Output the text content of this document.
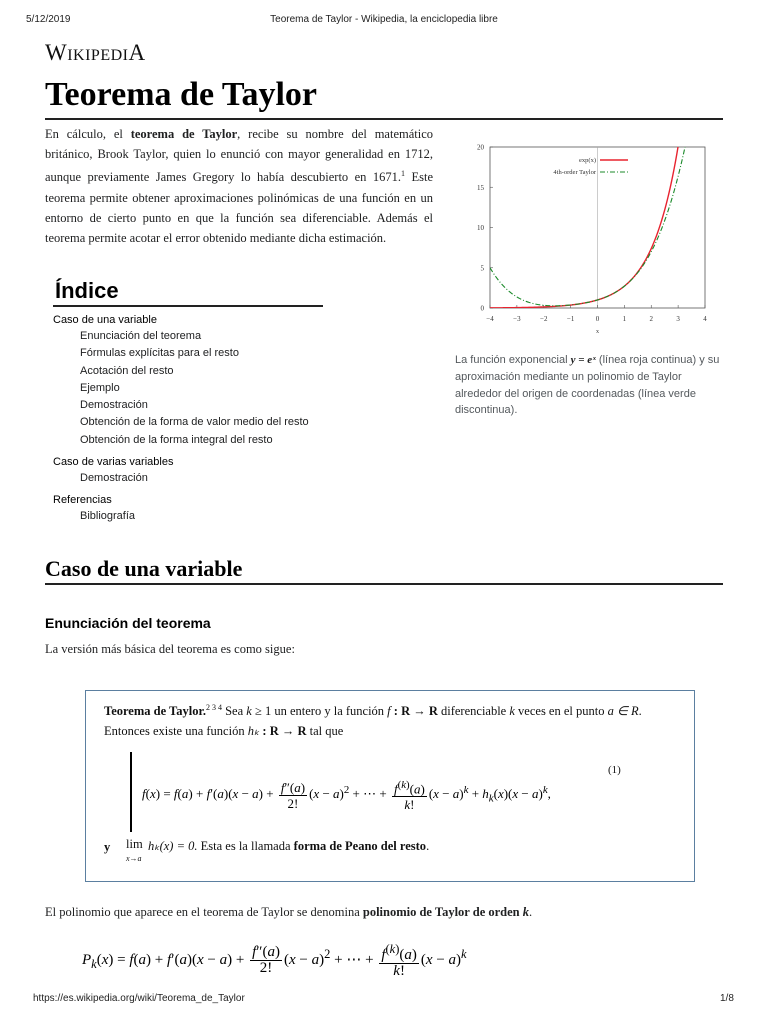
5/12/2019	Teorema de Taylor - Wikipedia, la enciclopedia libre
WikipediA
Teorema de Taylor
En cálculo, el teorema de Taylor, recibe su nombre del matemático británico, Brook Taylor, quien lo enunció con mayor generalidad en 1712, aunque previamente James Gregory lo había descubierto en 1671.$^1$ Este teorema permite obtener aproximaciones polinómicas de una función en un entorno de cierto punto en que la función sea diferenciable. Además el teorema permite acotar el error obtenido mediante dicha estimación.
−4	−3	−2	−1	0	1	2	3	4
0
5
10
15
20
x
exp(x)
4th-order Taylor
La función exponencial y = eˣ (línea roja continua) y su aproximación mediante un polinomio de Taylor alrededor del origen de coordenadas (línea verde discontinua).
Índice
Caso de una variable
Enunciación del teorema
Fórmulas explícitas para el resto
Acotación del resto
Ejemplo
Demostración
Obtención de la forma de valor medio del resto
Obtención de la forma integral del resto
Caso de varias variables
Demostración
Referencias
Bibliografía
Caso de una variable
Enunciación del teorema
La versión más básica del teorema es como sigue:
Teorema de Taylor.$^{2 3 4}$ Sea k ≥ 1 un entero y la función f : R → R diferenciable k veces en el punto a ∈ R.
Entonces existe una función hₖ : R → R tal que
(1)
$f(x) = f(a) + f'(a)(x - a) + \frac{f''(a)}{2!} (x - a)^2$ + ⋯ + $\frac{f^{(k)}(a)}{k!} (x - a)^k + h_k(x)(x - a)^k$,
y lim
x→a
hₖ(x) = 0. Esta es la llamada forma de Peano del resto.
El polinomio que aparece en el teorema de Taylor se denomina polinomio de Taylor de orden k.
$P_k(x) = f(a) + f'(a)(x - a) + \frac{f''(a)}{2!} (x - a)^2$ + ⋯ + $\frac{f^{(k)}(a)}{k!} (x - a)^k$
https://es.wikipedia.org/wiki/Teorema_de_Taylor	1/8
